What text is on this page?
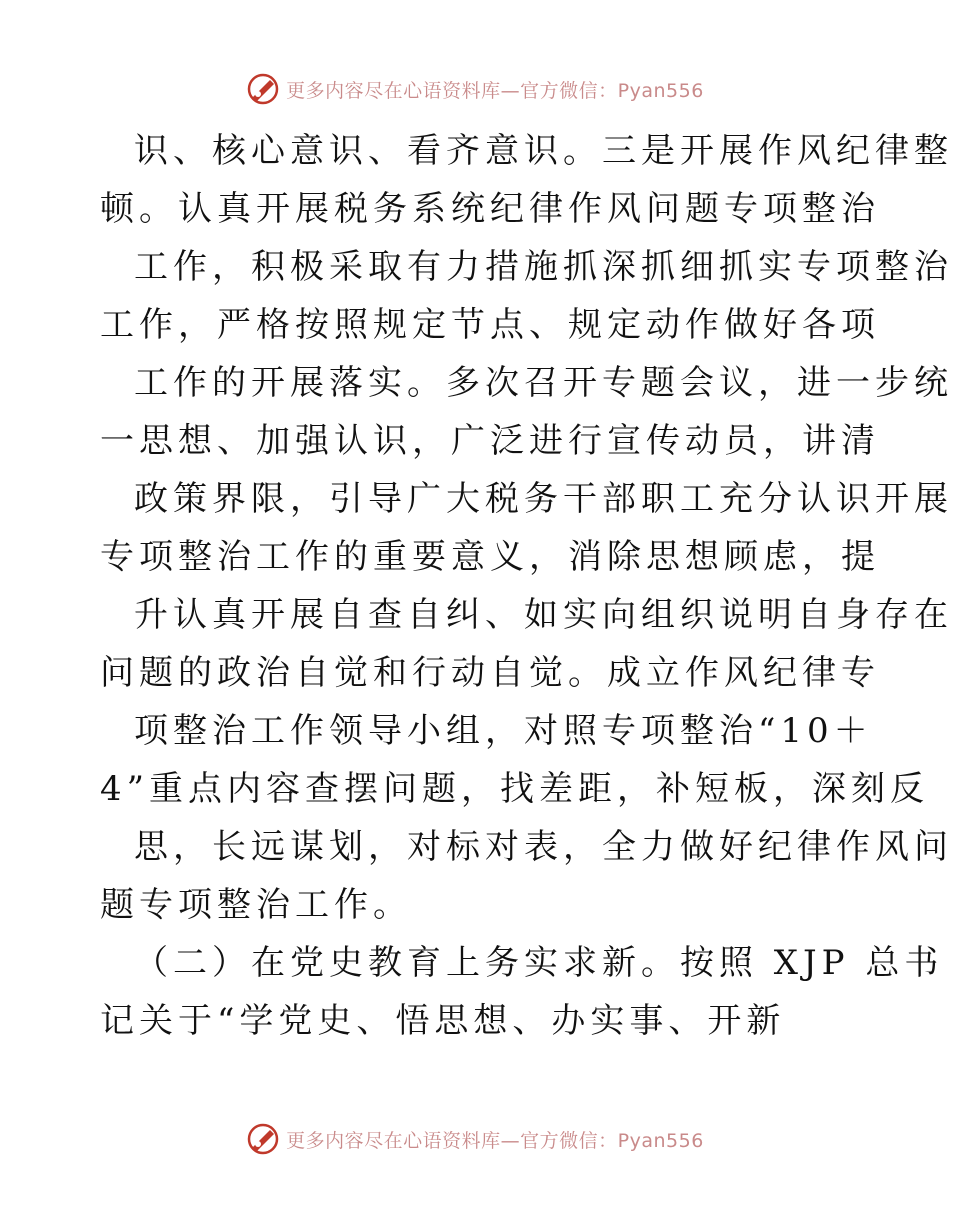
更多内容尽在心语资料库—官方微信：Pyan556
识、核心意识、看齐意识。三是开展作风纪律整
顿。认真开展税务系统纪律作风问题专项整治
工作，积极采取有力措施抓深抓细抓实专项整治
工作，严格按照规定节点、规定动作做好各项
工作的开展落实。多次召开专题会议，进一步统
一思想、加强认识，广泛进行宣传动员，讲清
政策界限，引导广大税务干部职工充分认识开展
专项整治工作的重要意义，消除思想顾虑，提
升认真开展自查自纠、如实向组织说明自身存在
问题的政治自觉和行动自觉。成立作风纪律专
项整治工作领导小组，对照专项整治“10＋
4”重点内容查摆问题，找差距，补短板，深刻反
思，长远谋划，对标对表，全力做好纪律作风问
题专项整治工作。
（二）在党史教育上务实求新。按照 XJP 总书
记关于“学党史、悟思想、办实事、开新
更多内容尽在心语资料库—官方微信：Pyan556
